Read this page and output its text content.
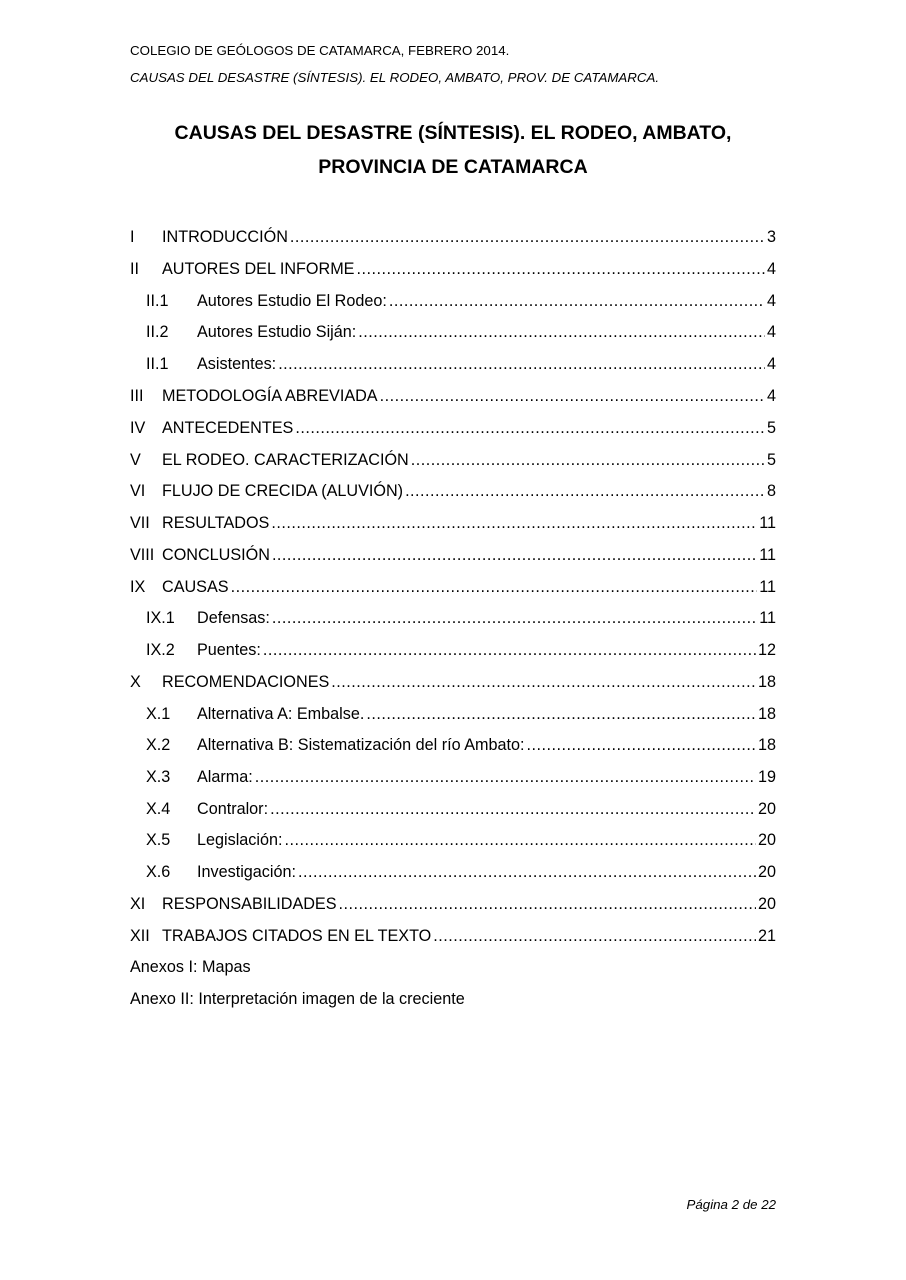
COLEGIO DE GEÓLOGOS DE CATAMARCA, FEBRERO 2014.
CAUSAS DEL DESASTRE (SÍNTESIS). EL RODEO, AMBATO, PROV. DE CATAMARCA.
CAUSAS DEL DESASTRE (SÍNTESIS). EL RODEO, AMBATO,
PROVINCIA DE CATAMARCA
I	INTRODUCCIÓN .....	3
II	AUTORES DEL INFORME .....	4
II.1	Autores Estudio El Rodeo: .....	4
II.2	Autores Estudio Siján: .....	4
II.1	Asistentes: .....	4
III	METODOLOGÍA ABREVIADA .....	4
IV	ANTECEDENTES .....	5
V	EL RODEO. CARACTERIZACIÓN .....	5
VI	FLUJO DE CRECIDA (ALUVIÓN) .....	8
VII RESULTADOS .....	11
VIII CONCLUSIÓN .....	11
IX	CAUSAS .....	11
IX.1	Defensas: .....	11
IX.2	Puentes: .....	12
X	RECOMENDACIONES .....	18
X.1	Alternativa A: Embalse. .....	18
X.2	Alternativa B: Sistematización del río Ambato: .....	18
X.3	Alarma: .....	19
X.4	Contralor: .....	20
X.5	Legislación: .....	20
X.6	Investigación: .....	20
XI	RESPONSABILIDADES .....	20
XII TRABAJOS CITADOS EN EL TEXTO .....	21
Anexos I: Mapas
Anexo II: Interpretación imagen de la creciente
Página 2 de 22
